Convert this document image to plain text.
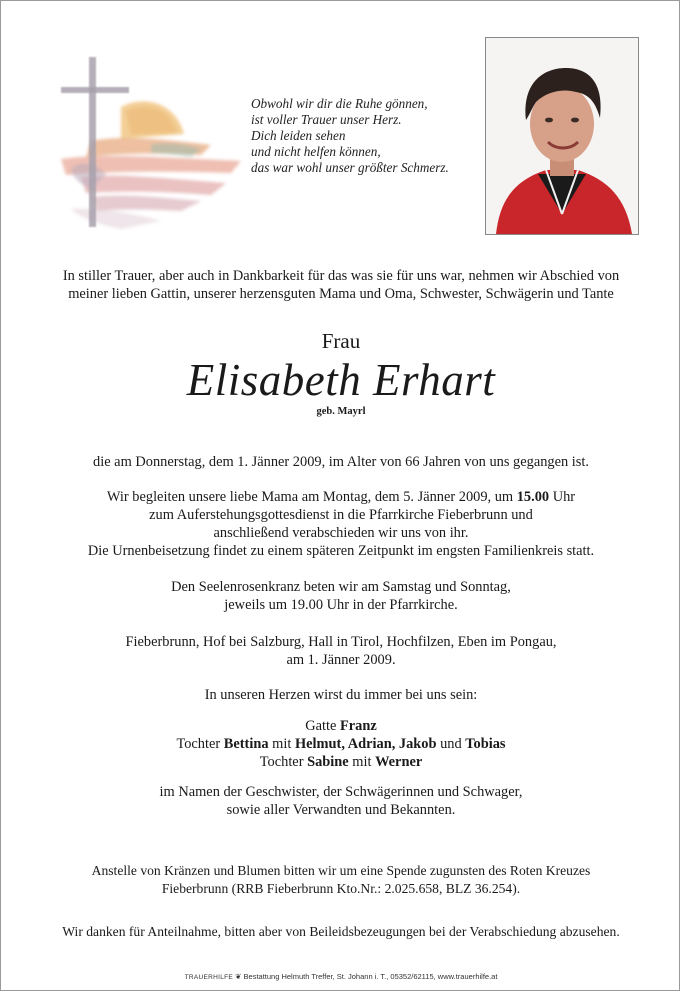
Obwohl wir dir die Ruhe gönnen,
ist voller Trauer unser Herz.
Dich leiden sehen
und nicht helfen können,
das war wohl unser größter Schmerz.
In stiller Trauer, aber auch in Dankbarkeit für das was sie für uns war, nehmen wir Abschied von
meiner lieben Gattin, unserer herzensguten Mama und Oma, Schwester, Schwägerin und Tante
Frau
Elisabeth Erhart
geb. Mayrl
die am Donnerstag, dem 1. Jänner 2009, im Alter von 66 Jahren von uns gegangen ist.
Wir begleiten unsere liebe Mama am Montag, dem 5. Jänner 2009, um 15.00 Uhr
zum Auferstehungsgottesdienst in die Pfarrkirche Fieberbrunn und
anschließend verabschieden wir uns von ihr.
Die Urnenbeisetzung findet zu einem späteren Zeitpunkt im engsten Familienkreis statt.
Den Seelenrosenkranz beten wir am Samstag und Sonntag,
jeweils um 19.00 Uhr in der Pfarrkirche.
Fieberbrunn, Hof bei Salzburg, Hall in Tirol, Hochfilzen, Eben im Pongau,
am 1. Jänner 2009.
In unseren Herzen wirst du immer bei uns sein:
Gatte Franz
Tochter Bettina mit Helmut, Adrian, Jakob und Tobias
Tochter Sabine mit Werner
im Namen der Geschwister, der Schwägerinnen und Schwager,
sowie aller Verwandten und Bekannten.
Anstelle von Kränzen und Blumen bitten wir um eine Spende zugunsten des Roten Kreuzes
Fieberbrunn (RRB Fieberbrunn Kto.Nr.: 2.025.658, BLZ 36.254).
Wir danken für Anteilnahme, bitten aber von Beileidsbezeugungen bei der Verabschiedung abzusehen.
TRAUERHILFE ❦ Bestattung Helmuth Treffer, St. Johann i. T., 05352/62115, www.trauerhilfe.at
